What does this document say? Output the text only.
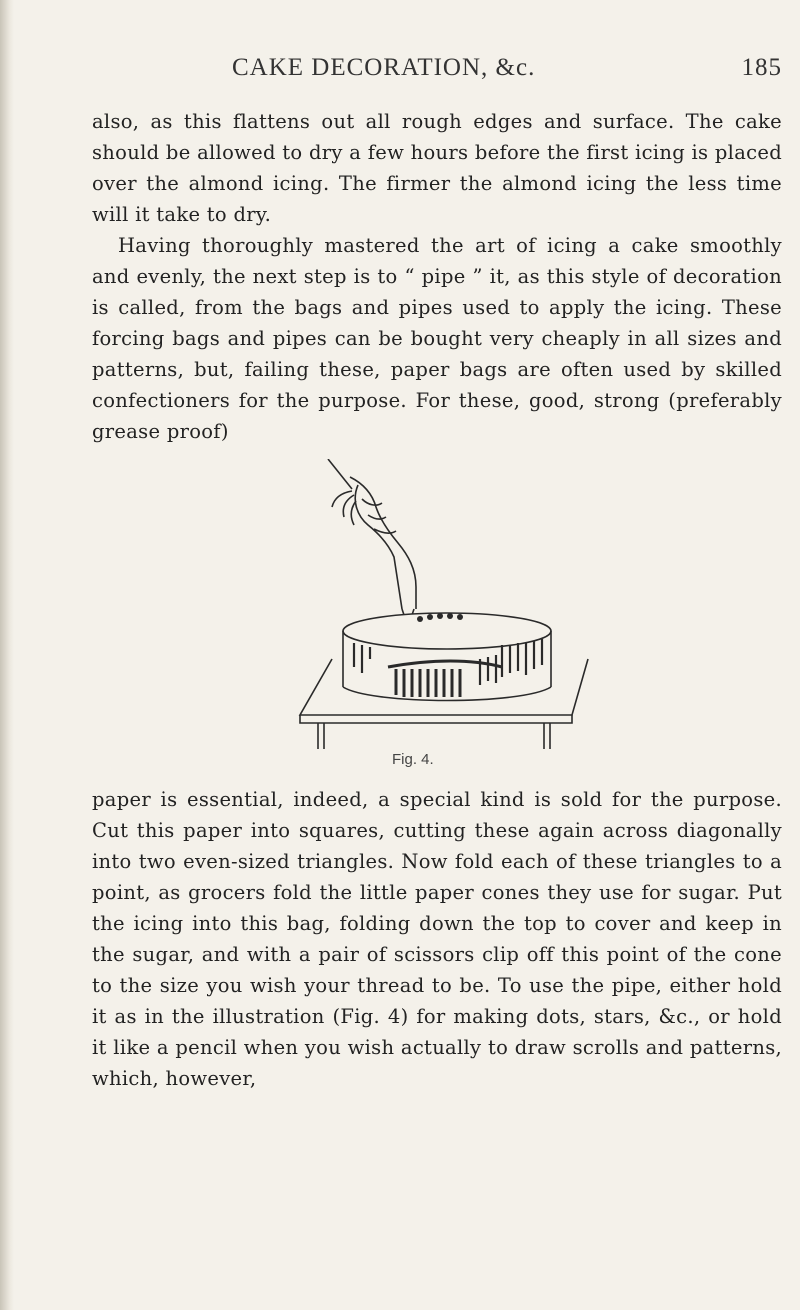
CAKE DECORATION, &c.	185

also, as this flattens out all rough edges and surface. The cake should be allowed to dry a few hours before the first icing is placed over the almond icing. The firmer the almond icing the less time will it take to dry.

Having thoroughly mastered the art of icing a cake smoothly and evenly, the next step is to “ pipe ” it, as this style of decoration is called, from the bags and pipes used to apply the icing. These forcing bags and pipes can be bought very cheaply in all sizes and patterns, but, failing these, paper bags are often used by skilled confectioners for the purpose. For these, good, strong (preferably grease proof)

Fig. 4.

paper is essential, indeed, a special kind is sold for the purpose. Cut this paper into squares, cutting these again across diagonally into two even-sized triangles. Now fold each of these triangles to a point, as grocers fold the little paper cones they use for sugar. Put the icing into this bag, folding down the top to cover and keep in the sugar, and with a pair of scissors clip off this point of the cone to the size you wish your thread to be. To use the pipe, either hold it as in the illustration (Fig. 4) for making dots, stars, &c., or hold it like a pencil when you wish actually to draw scrolls and patterns, which, however,
